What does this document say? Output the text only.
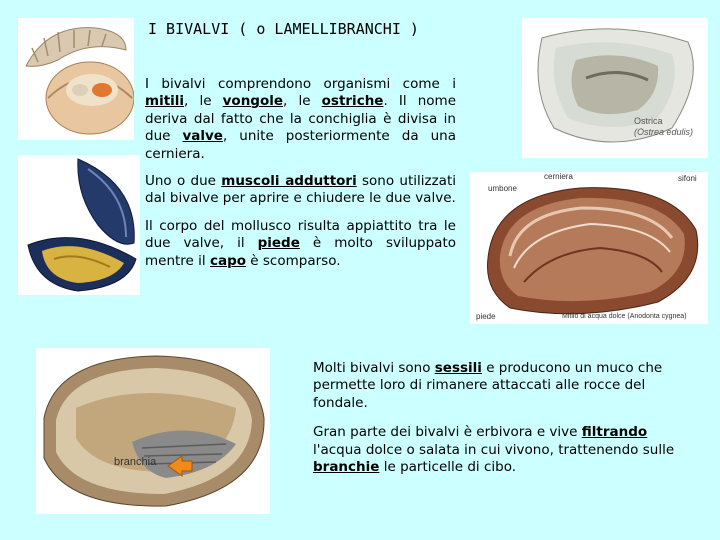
I BIVALVI ( o LAMELLIBRANCHI )
Ostrica
(Ostrea edulis)
cerniera	sifoni
umbone
piede	Mitilo di acqua dolce (Anodonta cygnea)
branchia

I bivalvi comprendono organismi come i mitili, le vongole, le ostriche. Il nome deriva dal fatto che la conchiglia è divisa in due valve, unite posteriormente da una cerniera.

Uno o due muscoli adduttori sono utilizzati dal bivalve per aprire e chiudere le due valve.

Il corpo del mollusco risulta appiattito tra le due valve, il piede è molto sviluppato mentre il capo è scomparso.

Molti bivalvi sono sessili e producono un muco che permette loro di rimanere attaccati alle rocce del fondale.

Gran parte dei bivalvi è erbivora e vive filtrando l'acqua dolce o salata in cui vivono, trattenendo sulle branchie le particelle di cibo.
